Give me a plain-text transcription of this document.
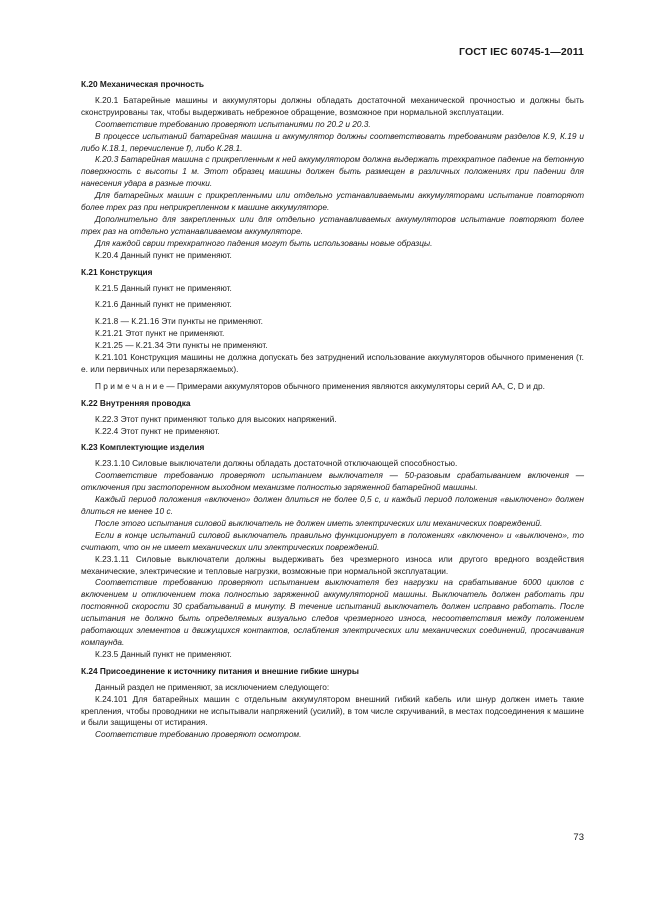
ГОСТ IEC 60745-1—2011

К.20 Механическая прочность

К.20.1 Батарейные машины и аккумуляторы должны обладать достаточной механической прочностью и должны быть сконструированы так, чтобы выдерживать небрежное обращение, возможное при нормальной эксплуатации.

Соответствие требованию проверяют испытаниями по 20.2 и 20.3.

В процессе испытаний батарейная машина и аккумулятор должны соответствовать требованиям разделов К.9, К.19 и либо К.18.1, перечисление f), либо К.28.1.

К.20.3 Батарейная машина с прикрепленным к ней аккумулятором должна выдержать трехкратное падение на бетонную поверхность с высоты 1 м. Этот образец машины должен быть размещен в различных положениях при падении для нанесения удара в разные точки.

Для батарейных машин с прикрепленными или отдельно устанавливаемыми аккумуляторами испытание повторяют более трех раз при неприкрепленном к машине аккумуляторе.

Дополнительно для закрепленных или для отдельно устанавливаемых аккумуляторов испытание повторяют более трех раз на отдельно устанавливаемом аккумуляторе.

Для каждой сврии трехкратного падения могут быть использованы новые образцы.

К.20.4 Данный пункт не применяют.

К.21 Конструкция

К.21.5 Данный пункт не применяют.

К.21.6 Данный пункт не применяют.

К.21.8 — К.21.16 Эти пункты не применяют.

К.21.21 Этот пункт не применяют.

К.21.25 — К.21.34 Эти пункты не применяют.

К.21.101 Конструкция машины не должна допускать без затруднений использование аккумуляторов обычного применения (т. е. или первичных или перезаряжаемых).

П р и м е ч а н и е — Примерами аккумуляторов обычного применения являются аккумуляторы серий АА, С, D и др.

К.22 Внутренняя проводка

К.22.3 Этот пункт применяют только для высоких напряжений.

К.22.4 Этот пункт не применяют.

К.23 Комплектующие изделия

К.23.1.10 Силовые выключатели должны обладать достаточной отключающей способностью.

Соответствие требованию проверяют испытанием выключателя — 50-разовым срабатыванием включения — отключения при застопоренном выходном механизме полностью заряженной батарейной машины.

Каждый период положения «включено» должен длиться не более 0,5 с, и каждый период положения «выключено» должен длиться не менее 10 с.

После этого испытания силовой выключатель не должен иметь электрических или механических повреждений.

Если в конце испытаний силовой выключатель правильно функционирует в положениях «включено» и «выключено», то считают, что он не имеет механических или электрических повреждений.

К.23.1.11 Силовые выключатели должны выдерживать без чрезмерного износа или другого вредного воздействия механические, электрические и тепловые нагрузки, возможные при нормальной эксплуатации.

Соответствие требованию проверяют испытанием выключателя без нагрузки на срабатывание 6000 циклов с включением и отключением тока полностью заряженной аккумуляторной машины. Выключатель должен работать при постоянной скорости 30 срабатываний в минуту. В течение испытаний выключатель должен исправно работать. После испытания не должно быть определяемых визуально следов чрезмерного износа, несоответствия между положением работающих элементов и движущихся контактов, ослабления электрических или механических соединений, просачивания компаунда.

К.23.5 Данный пункт не применяют.

К.24 Присоединение к источнику питания и внешние гибкие шнуры

Данный раздел не применяют, за исключением следующего:

К.24.101 Для батарейных машин с отдельным аккумулятором внешний гибкий кабель или шнур должен иметь такие крепления, чтобы проводники не испытывали напряжений (усилий), в том числе скручиваний, в местах подсоединения к машине и были защищены от истирания.

Соответствие требованию проверяют осмотром.

73
